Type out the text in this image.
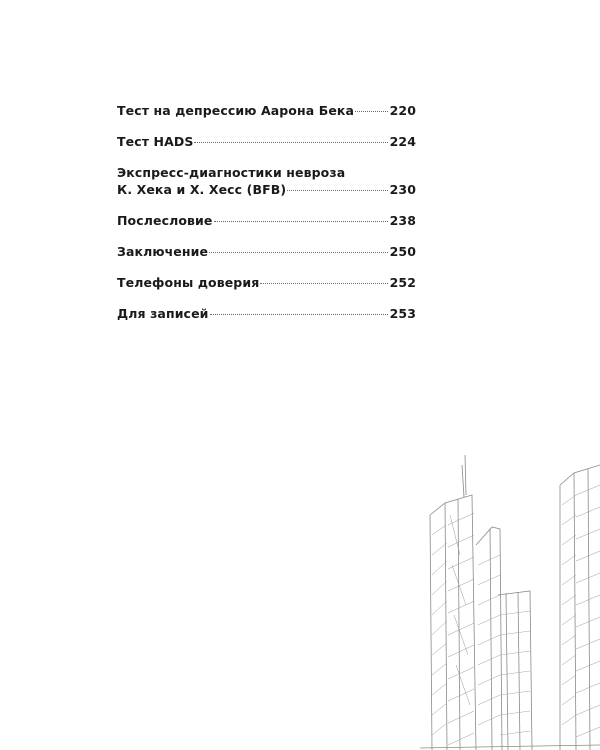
Тест на депрессию Аарона Бека	220
Тест HADS	224
Экспресс-диагностики невроза
К. Хека и Х. Хесс (BFB)	230
Послесловие	238
Заключение	250
Телефоны доверия	252
Для записей	253
